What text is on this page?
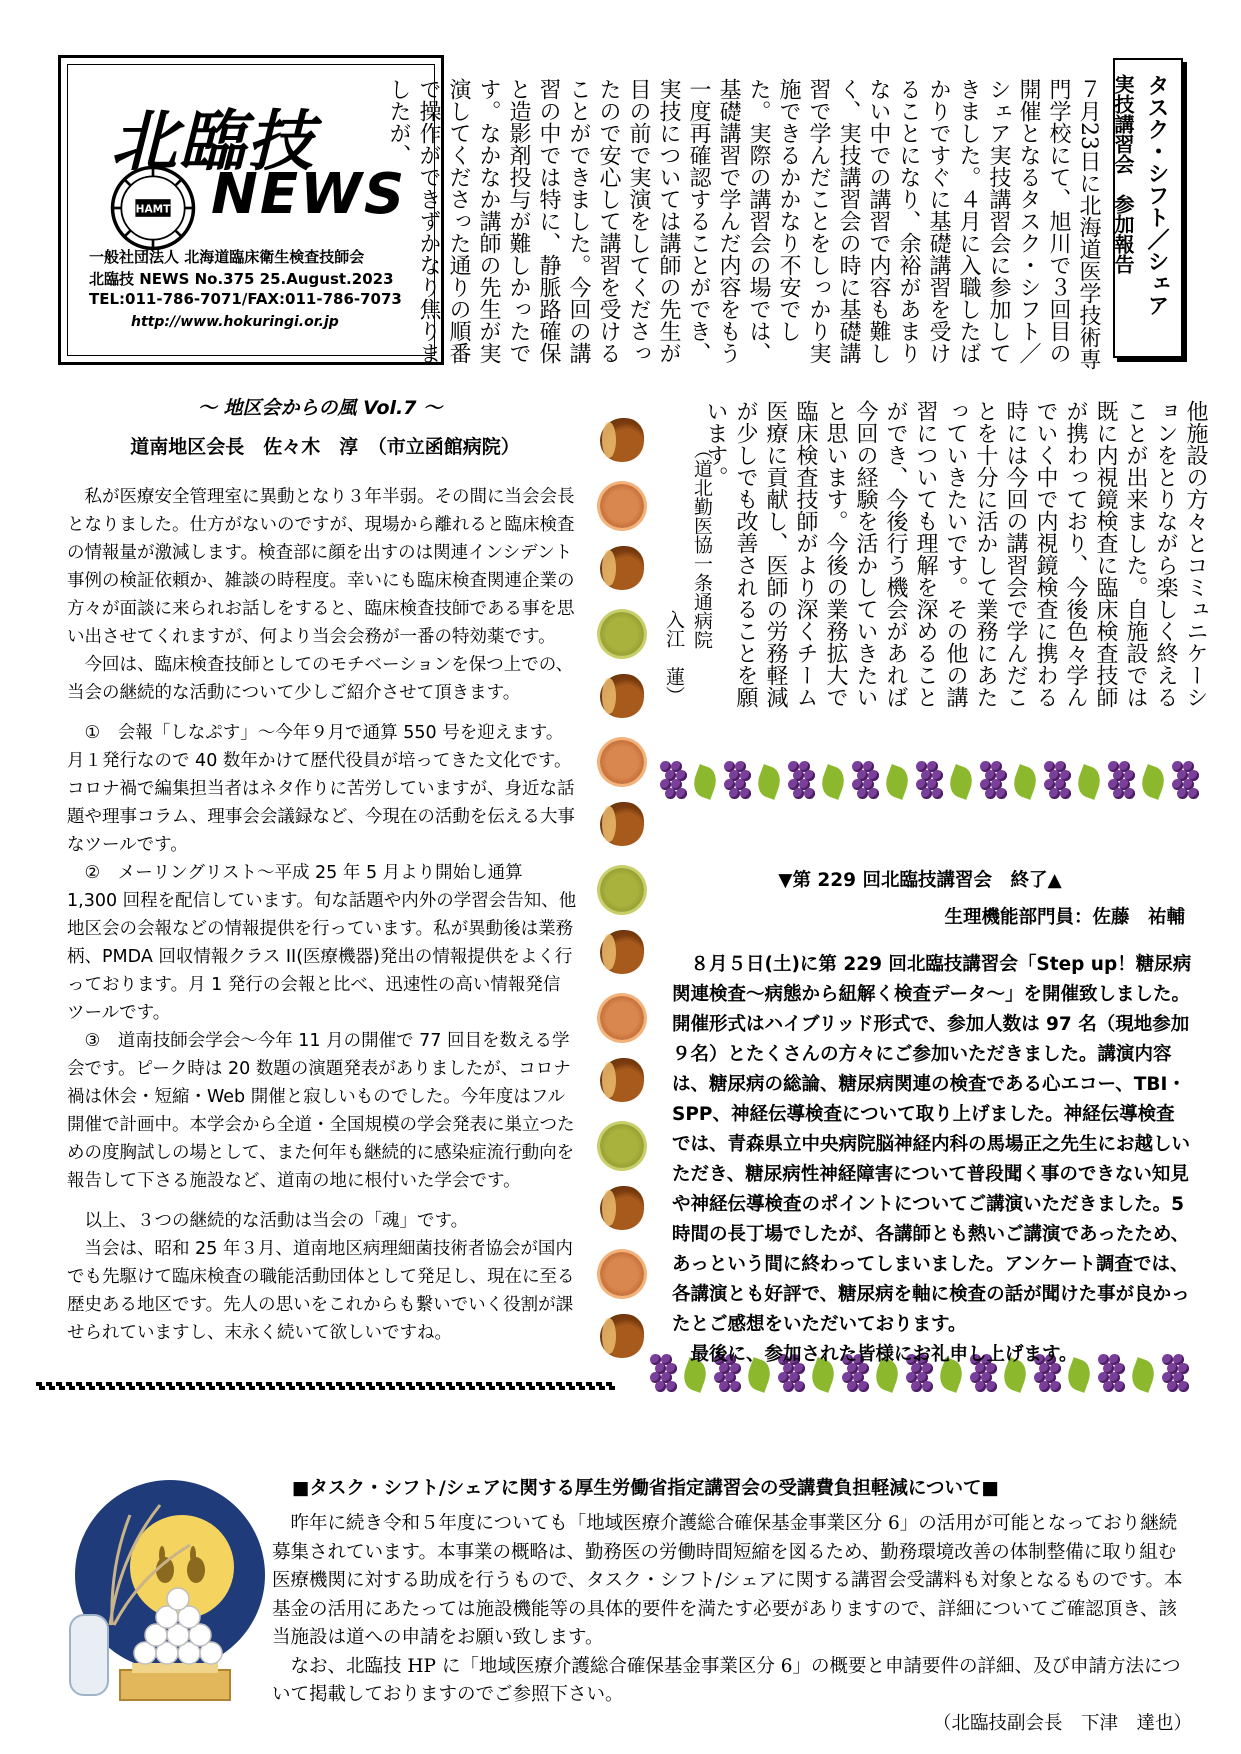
北臨技
HAMT NEWS
一般社団法人 北海道臨床衛生検査技師会
北臨技 NEWS No.375 25.August.2023
TEL:011-786-7071/FAX:011-786-7073
http://www.hokuringi.or.jp
タスク・シフト／シェア
実技講習会　参加報告
７月23日に北海道医学技術専門学校にて、旭川で３回目の開催となるタスク・シフト／シェア実技講習会に参加してきました。４月に入職したばかりですぐに基礎講習を受けることになり、余裕があまりない中での講習で内容も難しく、実技講習会の時に基礎講習で学んだことをしっかり実施できるかかなり不安でした。実際の講習会の場では、基礎講習で学んだ内容をもう一度再確認することができ、実技については講師の先生が目の前で実演をしてくださったので安心して講習を受けることができました。今回の講習の中では特に、静脈路確保と造影剤投与が難しかったです。なかなか講師の先生が実演してくださった通りの順番で操作ができずかなり焦りましたが、
他施設の方々とコミュニケーションをとりながら楽しく終えることが出来ました。自施設では既に内視鏡検査に臨床検査技師が携わっており、今後色々学んでいく中で内視鏡検査に携わる時には今回の講習会で学んだことを十分に活かして業務にあたっていきたいです。その他の講習についても理解を深めることができ、今後行う機会があれば今回の経験を活かしていきたいと思います。今後の業務拡大で臨床検査技師がより深くチーム医療に貢献し、医師の労務軽減が少しでも改善されることを願います。
（道北勤医協一条通病院
入江　蓮）
～ 地区会からの風 Vol.7 ～
道南地区会長　佐々木　淳　（市立函館病院）

私が医療安全管理室に異動となり３年半弱。その間に当会会長となりました。仕方がないのですが、現場から離れると臨床検査の情報量が激減します。検査部に顔を出すのは関連インシデント事例の検証依頼か、雑談の時程度。幸いにも臨床検査関連企業の方々が面談に来られお話しをすると、臨床検査技師である事を思い出させてくれますが、何より当会会務が一番の特効薬です。

今回は、臨床検査技師としてのモチベーションを保つ上での、当会の継続的な活動について少しご紹介させて頂きます。

①　会報「しなぷす」～今年９月で通算 550 号を迎えます。月１発行なので 40 数年かけて歴代役員が培ってきた文化です。コロナ禍で編集担当者はネタ作りに苦労していますが、身近な話題や理事コラム、理事会会議録など、今現在の活動を伝える大事なツールです。

②　メーリングリスト～平成 25 年 5 月より開始し通算 1,300 回程を配信しています。旬な話題や内外の学習会告知、他地区会の会報などの情報提供を行っています。私が異動後は業務柄、PMDA 回収情報クラス II(医療機器)発出の情報提供をよく行っております。月 1 発行の会報と比べ、迅速性の高い情報発信ツールです。

③　道南技師会学会～今年 11 月の開催で 77 回目を数える学会です。ピーク時は 20 数題の演題発表がありましたが、コロナ禍は休会・短縮・Web 開催と寂しいものでした。今年度はフル開催で計画中。本学会から全道・全国規模の学会発表に巣立つための度胸試しの場として、また何年も継続的に感染症流行動向を報告して下さる施設など、道南の地に根付いた学会です。

以上、３つの継続的な活動は当会の「魂」です。

当会は、昭和 25 年３月、道南地区病理細菌技術者協会が国内でも先駆けて臨床検査の職能活動団体として発足し、現在に至る歴史ある地区です。先人の思いをこれからも繋いでいく役割が課せられていますし、末永く続いて欲しいですね。

▼第 229 回北臨技講習会　終了▲
生理機能部門員：佐藤　祐輔

８月５日(土)に第 229 回北臨技講習会「Step up！糖尿病関連検査～病態から紐解く検査データ～」を開催致しました。開催形式はハイブリッド形式で、参加人数は 97 名（現地参加９名）とたくさんの方々にご参加いただきました。講演内容は、糖尿病の総論、糖尿病関連の検査である心エコー、TBI・SPP、神経伝導検査について取り上げました。神経伝導検査では、青森県立中央病院脳神経内科の馬場正之先生にお越しいただき、糖尿病性神経障害について普段聞く事のできない知見や神経伝導検査のポイントについてご講演いただきました。5 時間の長丁場でしたが、各講師とも熱いご講演であったため、あっという間に終わってしまいました。アンケート調査では、各講演とも好評で、糖尿病を軸に検査の話が聞けた事が良かったとご感想をいただいております。

最後に、参加された皆様にお礼申し上げます。

■タスク・シフト/シェアに関する厚生労働省指定講習会の受講費負担軽減について■

昨年に続き令和５年度についても「地域医療介護総合確保基金事業区分 6」の活用が可能となっており継続募集されています。本事業の概略は、勤務医の労働時間短縮を図るため、勤務環境改善の体制整備に取り組む医療機関に対する助成を行うもので、タスク・シフト/シェアに関する講習会受講料も対象となるものです。本基金の活用にあたっては施設機能等の具体的要件を満たす必要がありますので、詳細についてご確認頂き、該当施設は道への申請をお願い致します。

なお、北臨技 HP に「地域医療介護総合確保基金事業区分 6」の概要と申請要件の詳細、及び申請方法について掲載しておりますのでご参照下さい。

（北臨技副会長　下津　達也）
